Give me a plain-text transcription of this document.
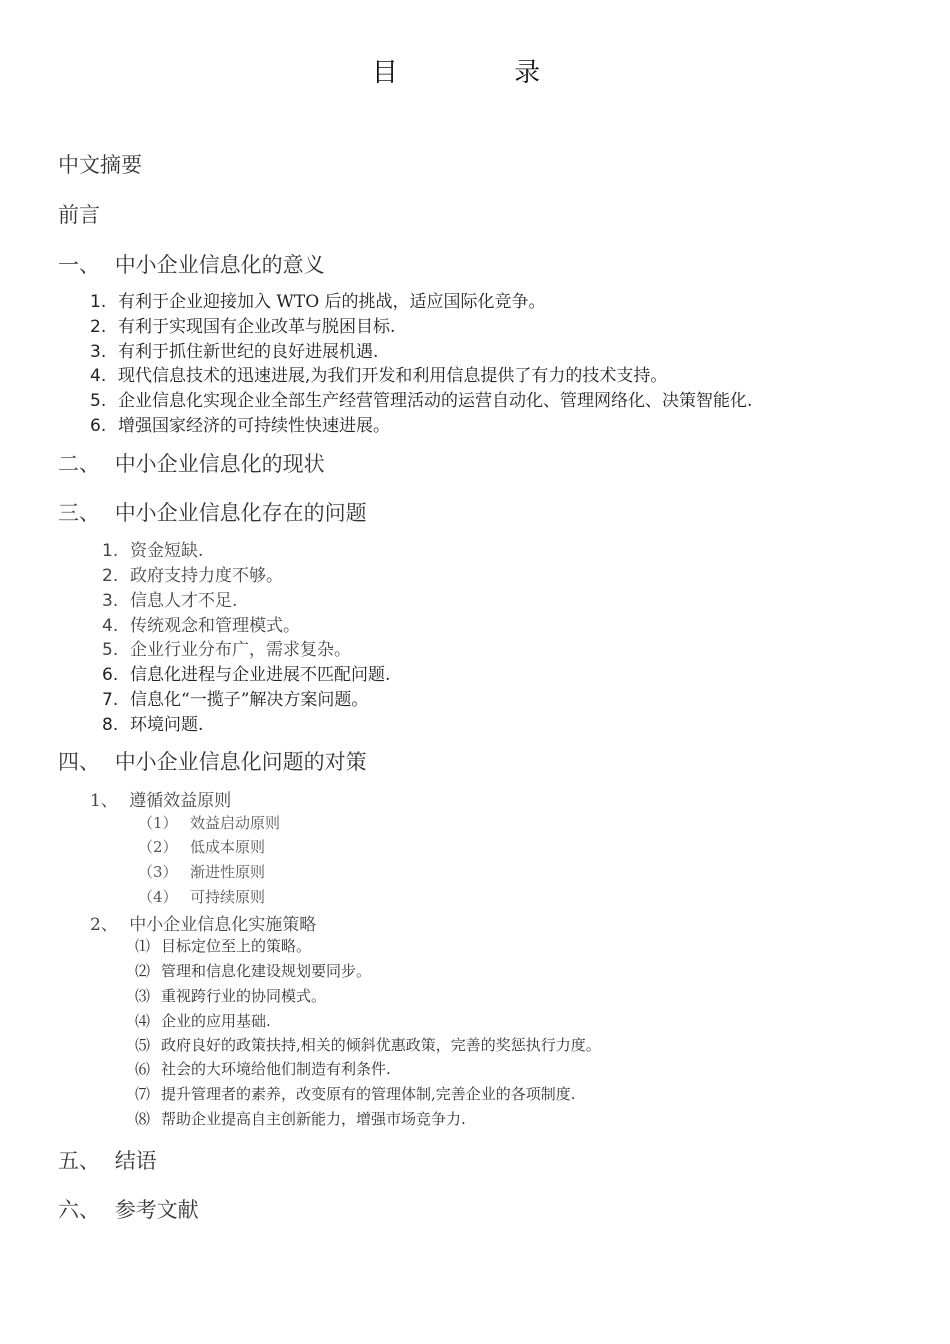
目 录
中文摘要
前言
一、 中小企业信息化的意义
1. 有利于企业迎接加入 WTO 后的挑战，适应国际化竞争。
2. 有利于实现国有企业改革与脱困目标.
3. 有利于抓住新世纪的良好进展机遇.
4. 现代信息技术的迅速进展,为我们开发和利用信息提供了有力的技术支持。
5. 企业信息化实现企业全部生产经营管理活动的运营自动化、管理网络化、决策智能化.
6. 增强国家经济的可持续性快速进展。
二、 中小企业信息化的现状
三、 中小企业信息化存在的问题
1. 资金短缺.
2. 政府支持力度不够。
3. 信息人才不足.
4. 传统观念和管理模式。
5. 企业行业分布广，需求复杂。
6. 信息化进程与企业进展不匹配问题.
7. 信息化“一揽子”解决方案问题。
8. 环境问题.
四、 中小企业信息化问题的对策
1、 遵循效益原则
（1） 效益启动原则
（2） 低成本原则
（3） 渐进性原则
（4） 可持续原则
2、 中小企业信息化实施策略
⑴ 目标定位至上的策略。
⑵ 管理和信息化建设规划要同步。
⑶ 重视跨行业的协同模式。
⑷ 企业的应用基础.
⑸ 政府良好的政策扶持,相关的倾斜优惠政策，完善的奖惩执行力度。
⑹ 社会的大环境给他们制造有利条件.
⑺ 提升管理者的素养，改变原有的管理体制,完善企业的各项制度.
⑻ 帮助企业提高自主创新能力，增强市场竞争力.
五、 结语
六、 参考文献
